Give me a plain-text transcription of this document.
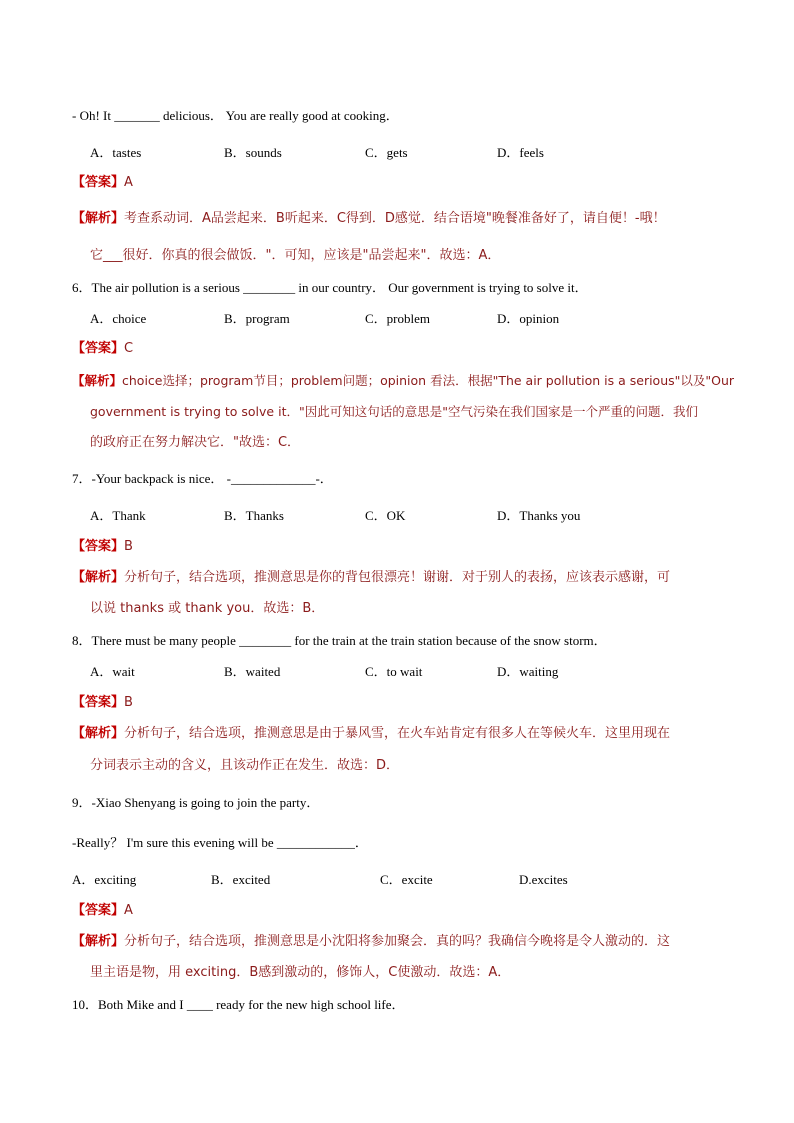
- Oh! It _______ delicious． You are really good at cooking．
A．tastes	B．sounds	C．gets	D．feels
【答案】A
【解析】考查系动词．A品尝起来．B听起来．C得到．D感觉．结合语境"晚餐准备好了，请自便！-哦！
它___很好．你真的很会做饭．"．可知，应该是"品尝起来"．故选：A．
6．The air pollution is a serious ________ in our country． Our government is trying to solve it．
A．choice	B．program	C．problem	D．opinion
【答案】C
【解析】choice选择；program节目；problem问题；opinion 看法．根据"The air pollution is a serious"以及"Our
government is trying to solve it．"因此可知这句话的意思是"空气污染在我们国家是一个严重的问题．我们
的政府正在努力解决它．"故选：C．
7．-Your backpack is nice． -_____________-．
A．Thank	B．Thanks	C．OK	D．Thanks you
【答案】B
【解析】分析句子，结合选项，推测意思是你的背包很漂亮！谢谢．对于别人的表扬，应该表示感谢，可
以说 thanks 或 thank you．故选：B．
8．There must be many people ________ for the train at the train station because of the snow storm．
A．wait	B．waited	C．to wait	D．waiting
【答案】B
【解析】分析句子，结合选项，推测意思是由于暴风雪，在火车站肯定有很多人在等候火车．这里用现在
分词表示主动的含义，且该动作正在发生．故选：D．
9．-Xiao Shenyang is going to join the party．
-Really？ I'm sure this evening will be ____________．
A．exciting	B．excited	C．excite	D.excites
【答案】A
【解析】分析句子，结合选项，推测意思是小沈阳将参加聚会．真的吗？我确信今晚将是令人激动的．这
里主语是物，用 exciting．B感到激动的，修饰人，C使激动．故选：A．
10．Both Mike and I ____ ready for the new high school life．
